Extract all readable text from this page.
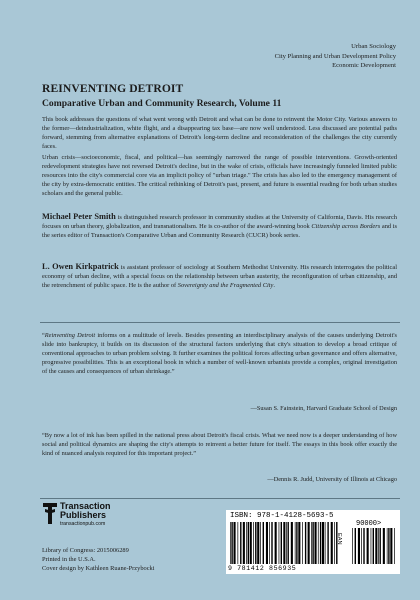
Urban Sociology
City Planning and Urban Development Policy
Economic Development
REINVENTING DETROIT
Comparative Urban and Community Research, Volume 11

This book addresses the questions of what went wrong with Detroit and what can be done to reinvent the Motor City. Various answers to the former—deindustrialization, white flight, and a disappearing tax base—are now well understood. Less discussed are potential paths forward, stemming from alternative explanations of Detroit's long-term decline and reconsideration of the challenges the city currently faces.

Urban crisis—socioeconomic, fiscal, and political—has seemingly narrowed the range of possible interventions. Growth-oriented redevelopment strategies have not reversed Detroit's decline, but in the wake of crisis, officials have increasingly funneled limited public resources into the city's commercial core via an implicit policy of "urban triage." The crisis has also led to the emergency management of the city by extra-democratic entities. The critical rethinking of Detroit's past, present, and future is essential reading for both urban studies scholars and the general public.

Michael Peter Smith is distinguished research professor in community studies at the University of California, Davis. His research focuses on urban theory, globalization, and transnationalism. He is co-author of the award-winning book Citizenship across Borders and is the series editor of Transaction's Comparative Urban and Community Research (CUCR) book series.

L. Owen Kirkpatrick is assistant professor of sociology at Southern Methodist University. His research interrogates the political economy of urban decline, with a special focus on the relationship between urban austerity, the reconfiguration of urban citizenship, and the retrenchment of public space. He is the author of Sovereignty and the Fragmented City.

“Reinventing Detroit informs on a multitude of levels. Besides presenting an interdisciplinary analysis of the causes underlying Detroit's slide into bankruptcy, it builds on its discussion of the structural factors underlying that city's situation to develop a broad critique of conventional approaches to urban problem solving. It further examines the political forces affecting urban governance and offers alternative, progressive possibilities. This is an exceptional book in which a number of well-known urbanists provide a complex, original investigation of the causes and consequences of urban shrinkage.”

—Susan S. Fainstein, Harvard Graduate School of Design

“By now a lot of ink has been spilled in the national press about Detroit's fiscal crisis. What we need now is a deeper understanding of how social and political dynamics are shaping the city's attempts to reinvent a better future for itself. The essays in this book offer exactly the kind of nuanced analysis required for this important project.”

—Dennis R. Judd, University of Illinois at Chicago
Transaction
Publishers
transactionpub.com
Library of Congress: 2015006289
Printed in the U.S.A.
Cover design by Kathleen Ruane-Przybocki
ISBN: 978-1-4128-5693-5
90000>
EAN
9 781412 856935
